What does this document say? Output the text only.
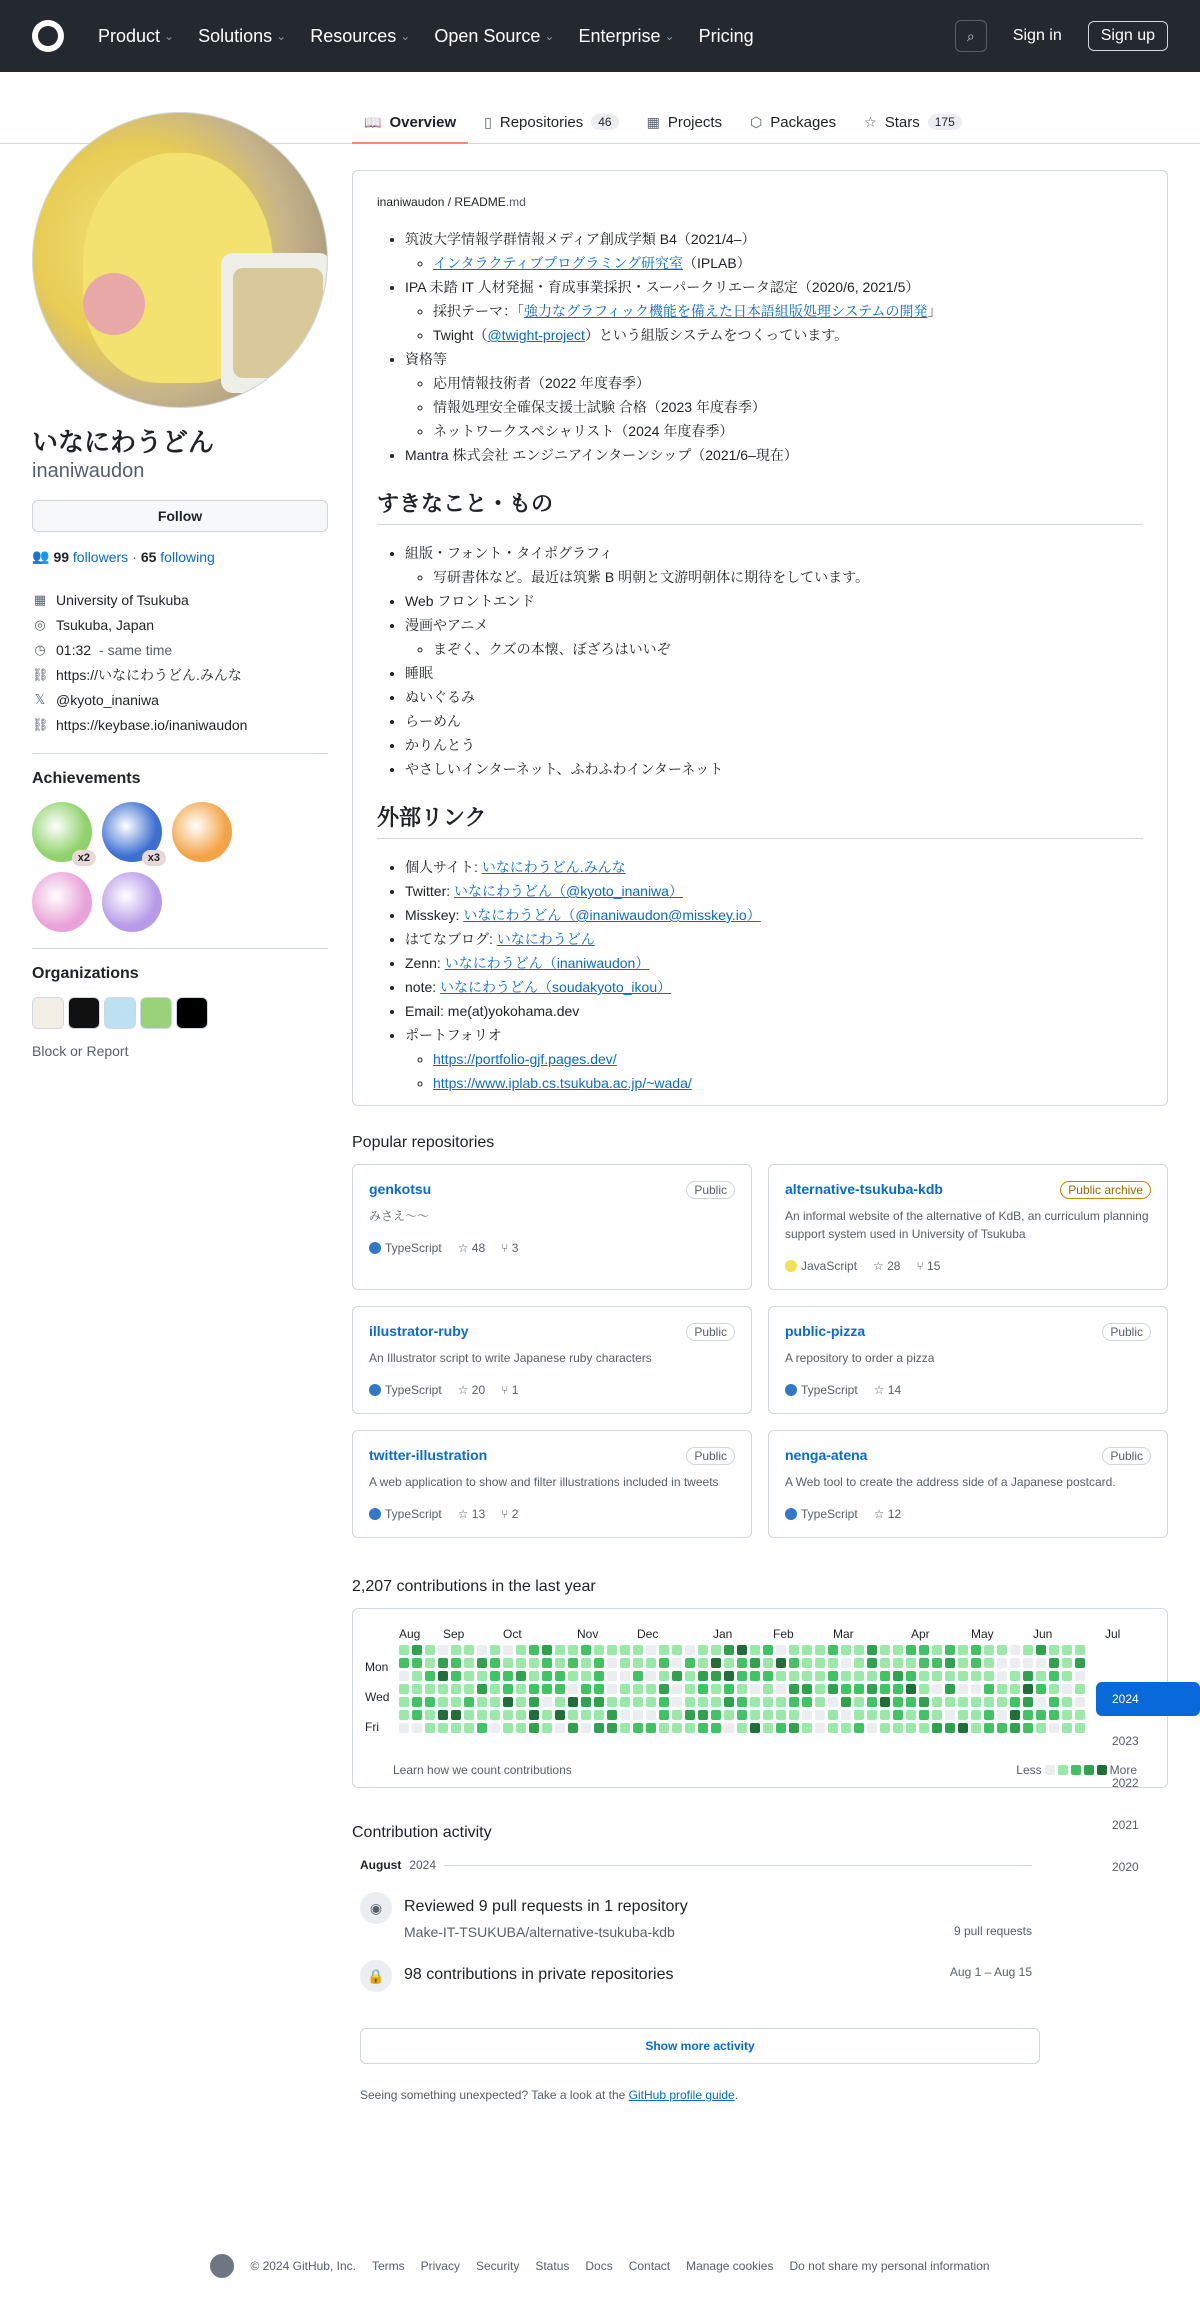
Product ⌄ Solutions ⌄ Resources ⌄ Open Source ⌄ Enterprise ⌄ Pricing	⌕	Sign in	Sign up
📖 Overview ▯ Repositories	46	▦ Projects ⬡ Packages ☆ Stars	175
いなにわうどん
inaniwaudon
Follow
👥 99 followers · 65 following
▦ University of Tsukuba
◎ Tsukuba, Japan
◷ 01:32 - same time
⛓ https://いなにわうどん.みんな
𝕏 @kyoto_inaniwa
⛓ https://keybase.io/inaniwaudon
Achievements
x2	x3
Organizations
Block or Report
inaniwaudon / README.md
• 筑波大学情報学群情報メディア創成学類 B4（2021/4–）
◦ インタラクティブプログラミング研究室（IPLAB）
• IPA 未踏 IT 人材発掘・育成事業採択・スーパークリエータ認定（2020/6, 2021/5）
◦ 採択テーマ：「強力なグラフィック機能を備えた日本語組版処理システムの開発」
◦ Twight（@twight-project）という組版システムをつくっています。
• 資格等
◦ 応用情報技術者（2022 年度春季）
◦ 情報処理安全確保支援士試験 合格（2023 年度春季）
◦ ネットワークスペシャリスト（2024 年度春季）
• Mantra 株式会社 エンジニアインターンシップ（2021/6–現在）
すきなこと・もの
• 組版・フォント・タイポグラフィ
◦ 写研書体など。最近は筑紫 B 明朝と文游明朝体に期待をしています。
• Web フロントエンド
• 漫画やアニメ
◦ まぞく、クズの本懐、ぼざろはいいぞ
• 睡眠
• ぬいぐるみ
• らーめん
• かりんとう
• やさしいインターネット、ふわふわインターネット
外部リンク
• 個人サイト: いなにわうどん.みんな
• Twitter: いなにわうどん（@kyoto_inaniwa）
• Misskey: いなにわうどん（@inaniwaudon@misskey.io）
• はてなブログ: いなにわうどん
• Zenn: いなにわうどん（inaniwaudon）
• note: いなにわうどん（soudakyoto_ikou）
• Email: me(at)yokohama.dev
• ポートフォリオ
◦ https://portfolio-gjf.pages.dev/
◦ https://www.iplab.cs.tsukuba.ac.jp/~wada/
Popular repositories
genkotsu	Public
みさえ〜〜
TypeScript ☆ 48 ⑂ 3
alternative-tsukuba-kdb	Public archive
An informal website of the alternative of KdB, an curriculum planning support system used in University of Tsukuba
JavaScript ☆ 28 ⑂ 15
illustrator-ruby	Public
An Illustrator script to write Japanese ruby characters
TypeScript ☆ 20 ⑂ 1
public-pizza	Public
A repository to order a pizza
TypeScript ☆ 14
twitter-illustration	Public
A web application to show and filter illustrations included in tweets
TypeScript ☆ 13 ⑂ 2
nenga-atena	Public
A Web tool to create the address side of a Japanese postcard.
TypeScript ☆ 12
2,207 contributions in the last year
Aug Sep	Oct	Nov	Dec	Jan	Feb	Mar	Apr	May	Jun	Jul
Mon
Wed
Fri
Learn how we count contributions	Less	More
Contribution activity
August 2024
◉	Reviewed 9 pull requests in 1 repository
Make-IT-TSUKUBA/alternative-tsukuba-kdb	9 pull requests
🔒	98 contributions in private repositories	Aug 1 – Aug 15
Show more activity
Seeing something unexpected? Take a look at the GitHub profile guide.
2024
2023
2022
2021
2020
© 2024 GitHub, Inc. Terms Privacy Security Status Docs Contact Manage cookies Do not share my personal information
